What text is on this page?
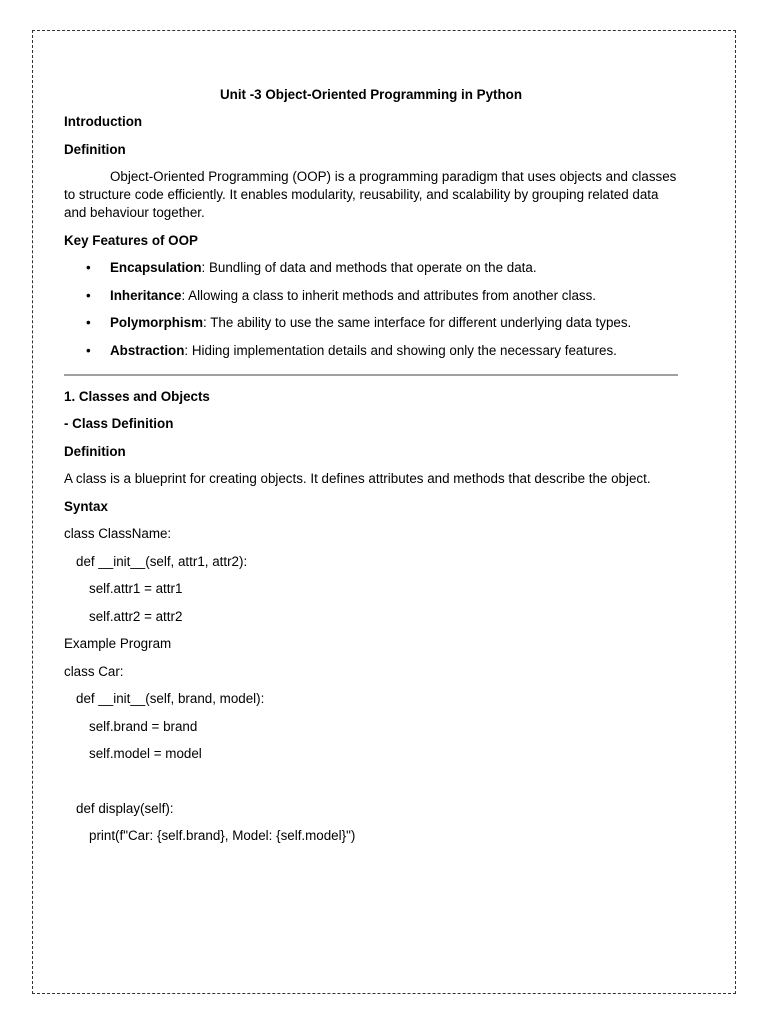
Unit -3 Object-Oriented Programming in Python
Introduction
Definition
Object-Oriented Programming (OOP) is a programming paradigm that uses objects and classes to structure code efficiently. It enables modularity, reusability, and scalability by grouping related data and behaviour together.
Key Features of OOP
• Encapsulation: Bundling of data and methods that operate on the data.
• Inheritance: Allowing a class to inherit methods and attributes from another class.
• Polymorphism: The ability to use the same interface for different underlying data types.
• Abstraction: Hiding implementation details and showing only the necessary features.
1. Classes and Objects
- Class Definition
Definition
A class is a blueprint for creating objects. It defines attributes and methods that describe the object.
Syntax
class ClassName:
def __init__(self, attr1, attr2):
self.attr1 = attr1
self.attr2 = attr2
Example Program
class Car:
def __init__(self, brand, model):
self.brand = brand
self.model = model
def display(self):
print(f"Car: {self.brand}, Model: {self.model}")
